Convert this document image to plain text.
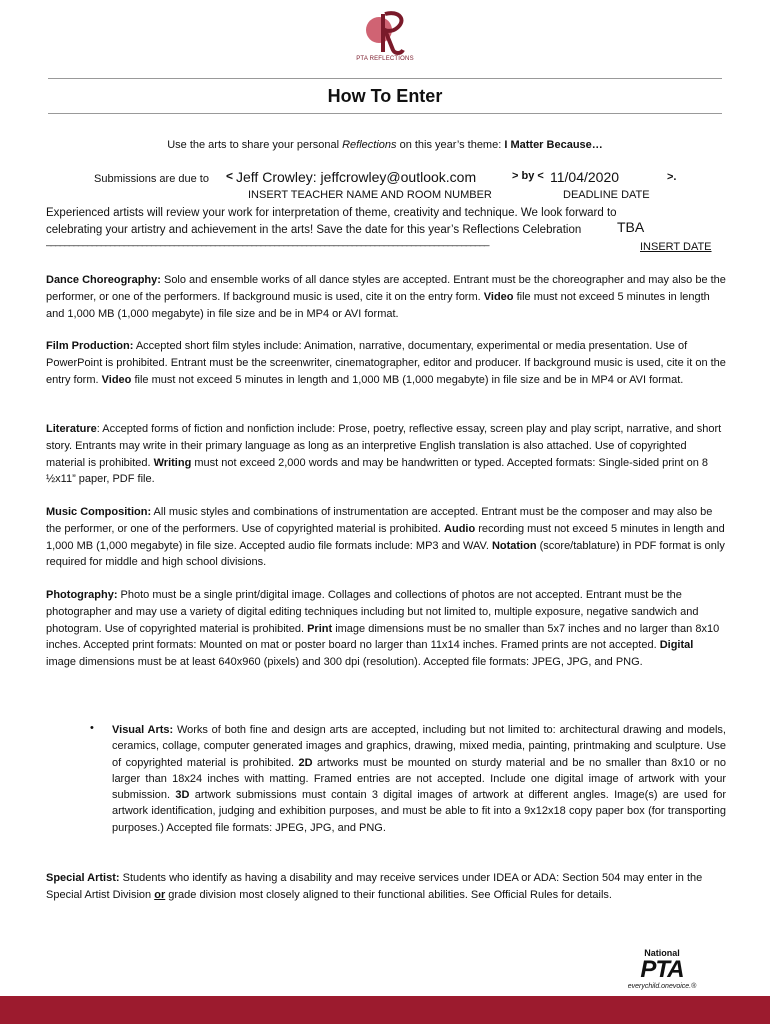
PTA REFLECTIONS
How To Enter
Use the arts to share your personal Reflections on this year’s theme: I Matter Because…
Submissions are due to < Jeff Crowley: jeffcrowley@outlook.com	> by < 11/04/2020	>.
INSERT TEACHER NAME AND ROOM NUMBER	DEADLINE DATE
Experienced artists will review your work for interpretation of theme, creativity and technique. We look forward to
celebrating your artistry and achievement in the arts! Save the date for this year’s Reflections Celebration	TBA
_________________________________________________________________________________________________	INSERT DATE
Dance Choreography: Solo and ensemble works of all dance styles are accepted. Entrant must be the choreographer and may also be the performer, or one of the performers. If background music is used, cite it on the entry form. Video file must not exceed 5 minutes in length and 1,000 MB (1,000 megabyte) in file size and be in MP4 or AVI format.
Film Production: Accepted short film styles include: Animation, narrative, documentary, experimental or media presentation. Use of PowerPoint is prohibited. Entrant must be the screenwriter, cinematographer, editor and producer. If background music is used, cite it on the entry form. Video file must not exceed 5 minutes in length and 1,000 MB (1,000 megabyte) in file size and be in MP4 or AVI format.
Literature: Accepted forms of fiction and nonfiction include: Prose, poetry, reflective essay, screen play and play script, narrative, and short story. Entrants may write in their primary language as long as an interpretive English translation is also attached. Use of copyrighted material is prohibited. Writing must not exceed 2,000 words and may be handwritten or typed. Accepted formats: Single-sided print on 8 ½x11” paper, PDF file.
Music Composition: All music styles and combinations of instrumentation are accepted. Entrant must be the composer and may also be the performer, or one of the performers. Use of copyrighted material is prohibited. Audio recording must not exceed 5 minutes in length and 1,000 MB (1,000 megabyte) in file size. Accepted audio file formats include: MP3 and WAV. Notation (score/tablature) in PDF format is only required for middle and high school divisions.
Photography: Photo must be a single print/digital image. Collages and collections of photos are not accepted. Entrant must be the photographer and may use a variety of digital editing techniques including but not limited to, multiple exposure, negative sandwich and photogram. Use of copyrighted material is prohibited. Print image dimensions must be no smaller than 5x7 inches and no larger than 8x10 inches. Accepted print formats: Mounted on mat or poster board no larger than 11x14 inches. Framed prints are not accepted. Digital image dimensions must be at least 640x960 (pixels) and 300 dpi (resolution). Accepted file formats: JPEG, JPG, and PNG.
• Visual Arts: Works of both fine and design arts are accepted, including but not limited to: architectural drawing and models, ceramics, collage, computer generated images and graphics, drawing, mixed media, painting, printmaking and sculpture. Use of copyrighted material is prohibited. 2D artworks must be mounted on sturdy material and be no smaller than 8x10 or no larger than 18x24 inches with matting. Framed entries are not accepted. Include one digital image of artwork with your submission. 3D artwork submissions must contain 3 digital images of artwork at different angles. Image(s) are used for artwork identification, judging and exhibition purposes, and must be able to fit into a 9x12x18 copy paper box (for transporting purposes.) Accepted file formats: JPEG, JPG, and PNG.
Special Artist: Students who identify as having a disability and may receive services under IDEA or ADA: Section 504 may enter in the Special Artist Division or grade division most closely aligned to their functional abilities. See Official Rules for details.
National
PTA
everychild.onevoice.®
